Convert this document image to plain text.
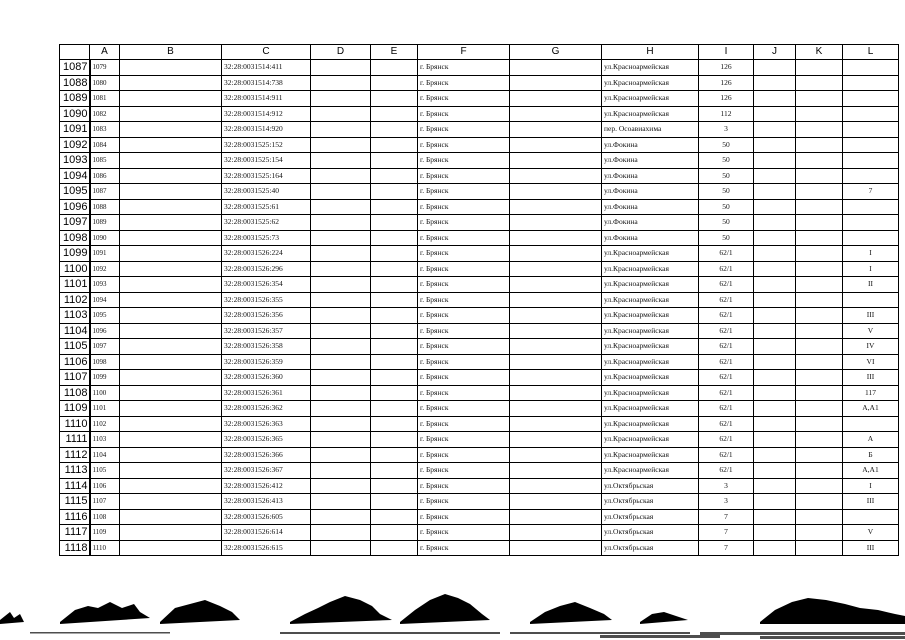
	A	B	C	D	E	F	G	H	I	J	K	L
1087	1079		32:28:0031514:411			г. Брянск		ул.Красноармейская	126			
1088	1080		32:28:0031514:738			г. Брянск		ул.Красноармейская	126			
1089	1081		32:28:0031514:911			г. Брянск		ул.Красноармейская	126			
1090	1082		32:28:0031514:912			г. Брянск		ул.Красноармейская	112			
1091	1083		32:28:0031514:920			г. Брянск		пер. Осоавиахима	3			
1092	1084		32:28:0031525:152			г. Брянск		ул.Фокина	50			
1093	1085		32:28:0031525:154			г. Брянск		ул.Фокина	50			
1094	1086		32:28:0031525:164			г. Брянск		ул.Фокина	50			
1095	1087		32:28:0031525:40			г. Брянск		ул.Фокина	50			7
1096	1088		32:28:0031525:61			г. Брянск		ул.Фокина	50			
1097	1089		32:28:0031525:62			г. Брянск		ул.Фокина	50			
1098	1090		32:28:0031525:73			г. Брянск		ул.Фокина	50			
1099	1091		32:28:0031526:224			г. Брянск		ул.Красноармейская	62/1			I
1100	1092		32:28:0031526:296			г. Брянск		ул.Красноармейская	62/1			I
1101	1093		32:28:0031526:354			г. Брянск		ул.Красноармейская	62/1			II
1102	1094		32:28:0031526:355			г. Брянск		ул.Красноармейская	62/1			
1103	1095		32:28:0031526:356			г. Брянск		ул.Красноармейская	62/1			III
1104	1096		32:28:0031526:357			г. Брянск		ул.Красноармейская	62/1			V
1105	1097		32:28:0031526:358			г. Брянск		ул.Красноармейская	62/1			IV
1106	1098		32:28:0031526:359			г. Брянск		ул.Красноармейская	62/1			VI
1107	1099		32:28:0031526:360			г. Брянск		ул.Красноармейская	62/1			III
1108	1100		32:28:0031526:361			г. Брянск		ул.Красноармейская	62/1			117
1109	1101		32:28:0031526:362			г. Брянск		ул.Красноармейская	62/1			А,А1
1110	1102		32:28:0031526:363			г. Брянск		ул.Красноармейская	62/1			
1111	1103		32:28:0031526:365			г. Брянск		ул.Красноармейская	62/1			А
1112	1104		32:28:0031526:366			г. Брянск		ул.Красноармейская	62/1			Б
1113	1105		32:28:0031526:367			г. Брянск		ул.Красноармейская	62/1			А,А1
1114	1106		32:28:0031526:412			г. Брянск		ул.Октябрьская	3			I
1115	1107		32:28:0031526:413			г. Брянск		ул.Октябрьская	3			III
1116	1108		32:28:0031526:605			г. Брянск		ул.Октябрьская	7			
1117	1109		32:28:0031526:614			г. Брянск		ул.Октябрьская	7			V
1118	1110		32:28:0031526:615			г. Брянск		ул.Октябрьская	7			III
